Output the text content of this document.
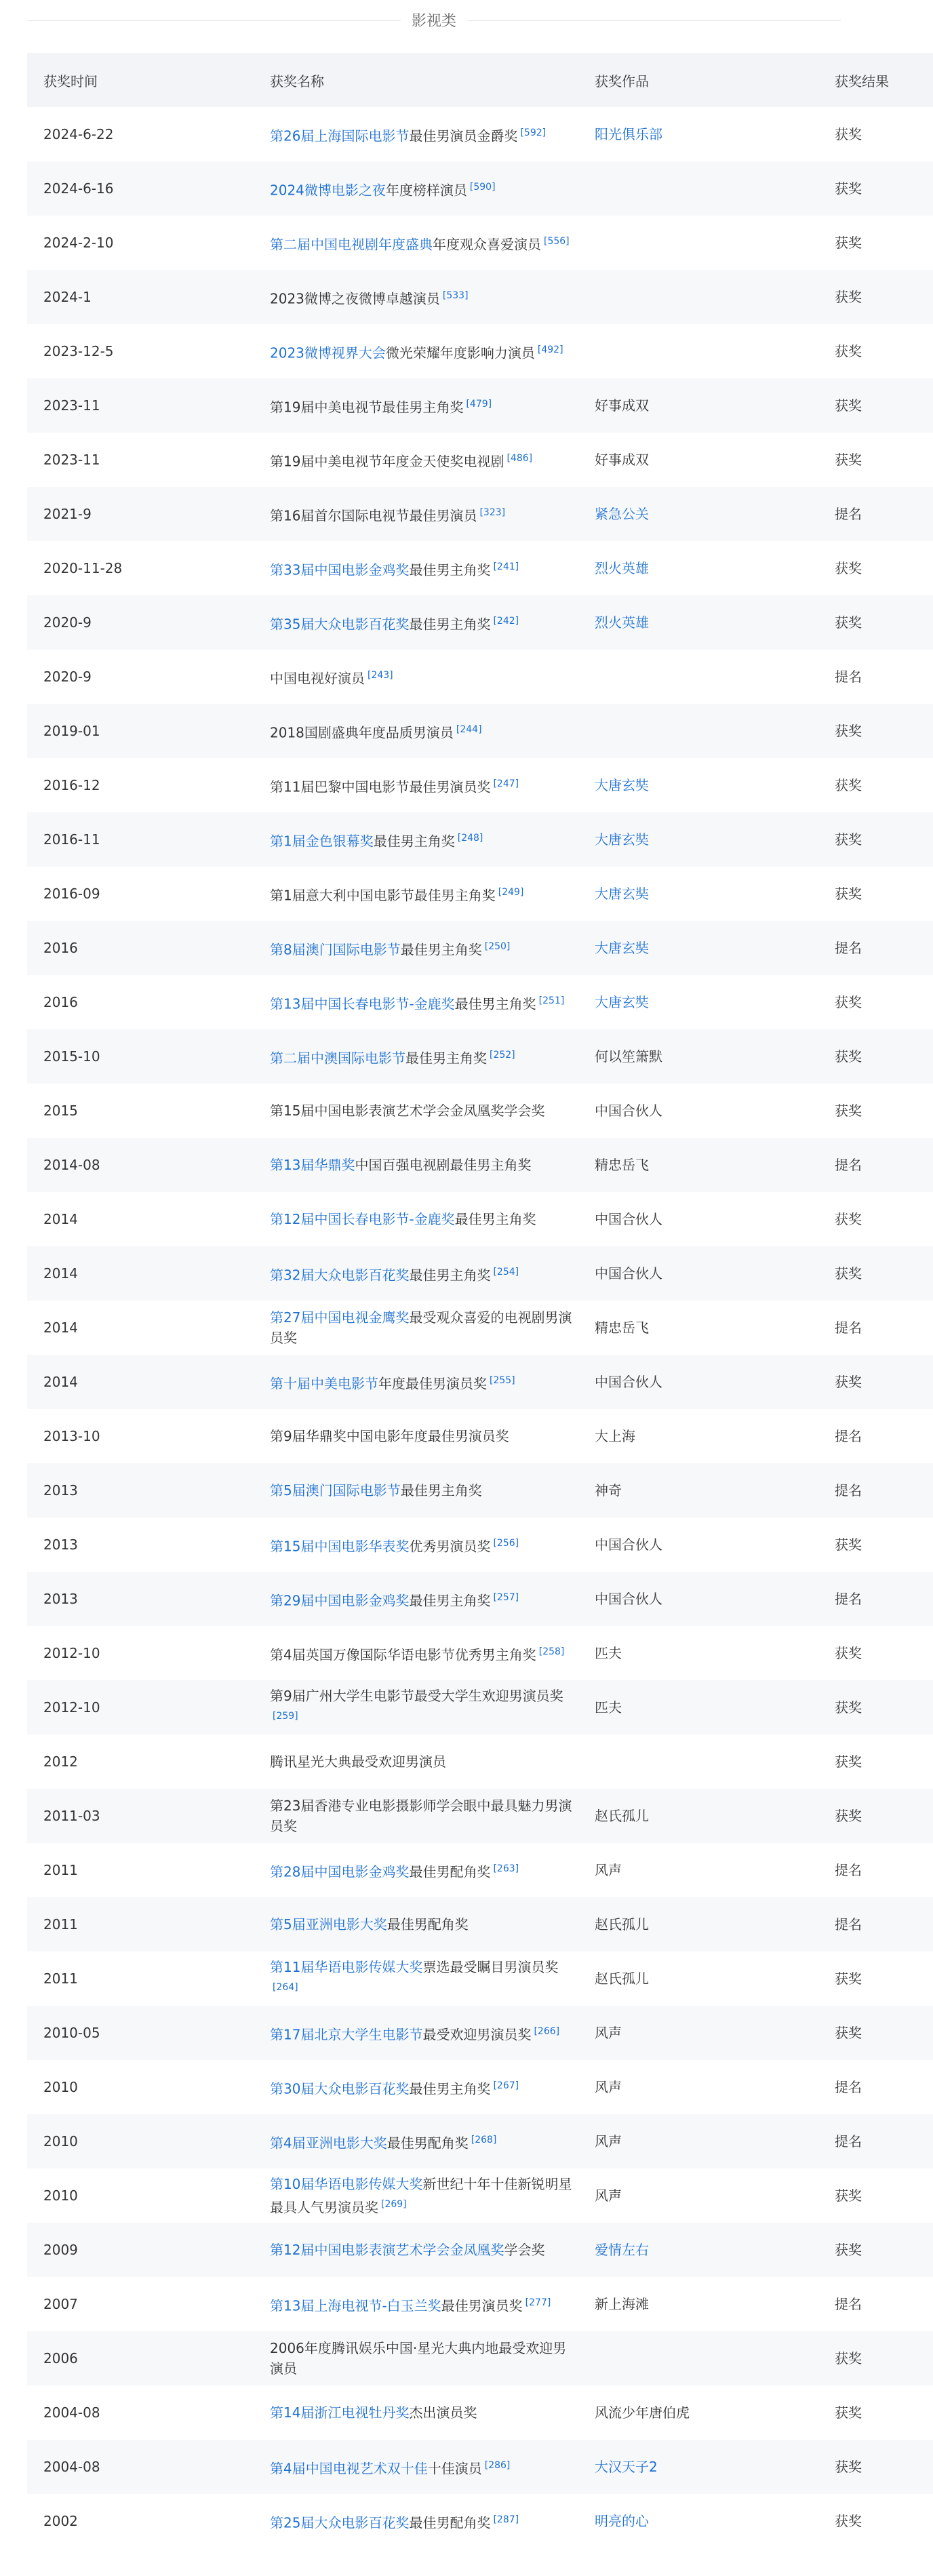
影视类
获奖时间	获奖名称	获奖作品	获奖结果
2024-6-22	第26届上海国际电影节最佳男演员金爵奖 [592]	阳光俱乐部	获奖
2024-6-16	2024微博电影之夜年度榜样演员 [590]		获奖
2024-2-10	第二届中国电视剧年度盛典年度观众喜爱演员 [556]		获奖
2024-1	2023微博之夜微博卓越演员 [533]		获奖
2023-12-5	2023微博视界大会微光荣耀年度影响力演员 [492]		获奖
2023-11	第19届中美电视节最佳男主角奖 [479]	好事成双	获奖
2023-11	第19届中美电视节年度金天使奖电视剧 [486]	好事成双	获奖
2021-9	第16届首尔国际电视节最佳男演员 [323]	紧急公关	提名
2020-11-28	第33届中国电影金鸡奖最佳男主角奖 [241]	烈火英雄	获奖
2020-9	第35届大众电影百花奖最佳男主角奖 [242]	烈火英雄	获奖
2020-9	中国电视好演员 [243]		提名
2019-01	2018国剧盛典年度品质男演员 [244]		获奖
2016-12	第11届巴黎中国电影节最佳男演员奖 [247]	大唐玄奘	获奖
2016-11	第1届金色银幕奖最佳男主角奖 [248]	大唐玄奘	获奖
2016-09	第1届意大利中国电影节最佳男主角奖 [249]	大唐玄奘	获奖
2016	第8届澳门国际电影节最佳男主角奖 [250]	大唐玄奘	提名
2016	第13届中国长春电影节-金鹿奖最佳男主角奖 [251]	大唐玄奘	获奖
2015-10	第二届中澳国际电影节最佳男主角奖 [252]	何以笙箫默	获奖
2015	第15届中国电影表演艺术学会金凤凰奖学会奖	中国合伙人	获奖
2014-08	第13届华鼎奖中国百强电视剧最佳男主角奖	精忠岳飞	提名
2014	第12届中国长春电影节-金鹿奖最佳男主角奖	中国合伙人	获奖
2014	第32届大众电影百花奖最佳男主角奖 [254]	中国合伙人	获奖
2014	第27届中国电视金鹰奖最受观众喜爱的电视剧男演员奖	精忠岳飞	提名
2014	第十届中美电影节年度最佳男演员奖 [255]	中国合伙人	获奖
2013-10	第9届华鼎奖中国电影年度最佳男演员奖	大上海	提名
2013	第5届澳门国际电影节最佳男主角奖	神奇	提名
2013	第15届中国电影华表奖优秀男演员奖 [256]	中国合伙人	获奖
2013	第29届中国电影金鸡奖最佳男主角奖 [257]	中国合伙人	提名
2012-10	第4届英国万像国际华语电影节优秀男主角奖 [258]	匹夫	获奖
2012-10	第9届广州大学生电影节最受大学生欢迎男演员奖[259]	匹夫	获奖
2012	腾讯星光大典最受欢迎男演员		获奖
2011-03	第23届香港专业电影摄影师学会眼中最具魅力男演员奖	赵氏孤儿	获奖
2011	第28届中国电影金鸡奖最佳男配角奖 [263]	风声	提名
2011	第5届亚洲电影大奖最佳男配角奖	赵氏孤儿	提名
2011	第11届华语电影传媒大奖票选最受瞩目男演员奖[264]	赵氏孤儿	获奖
2010-05	第17届北京大学生电影节最受欢迎男演员奖 [266]	风声	获奖
2010	第30届大众电影百花奖最佳男主角奖 [267]	风声	提名
2010	第4届亚洲电影大奖最佳男配角奖 [268]	风声	提名
2010	第10届华语电影传媒大奖新世纪十年十佳新锐明星最具人气男演员奖 [269]	风声	获奖
2009	第12届中国电影表演艺术学会金凤凰奖学会奖	爱情左右	获奖
2007	第13届上海电视节-白玉兰奖最佳男演员奖 [277]	新上海滩	提名
2006	2006年度腾讯娱乐中国·星光大典内地最受欢迎男演员		获奖
2004-08	第14届浙江电视牡丹奖杰出演员奖	风流少年唐伯虎	获奖
2004-08	第4届中国电视艺术双十佳十佳演员 [286]	大汉天子2	获奖
2002	第25届大众电影百花奖最佳男配角奖 [287]	明亮的心	获奖
